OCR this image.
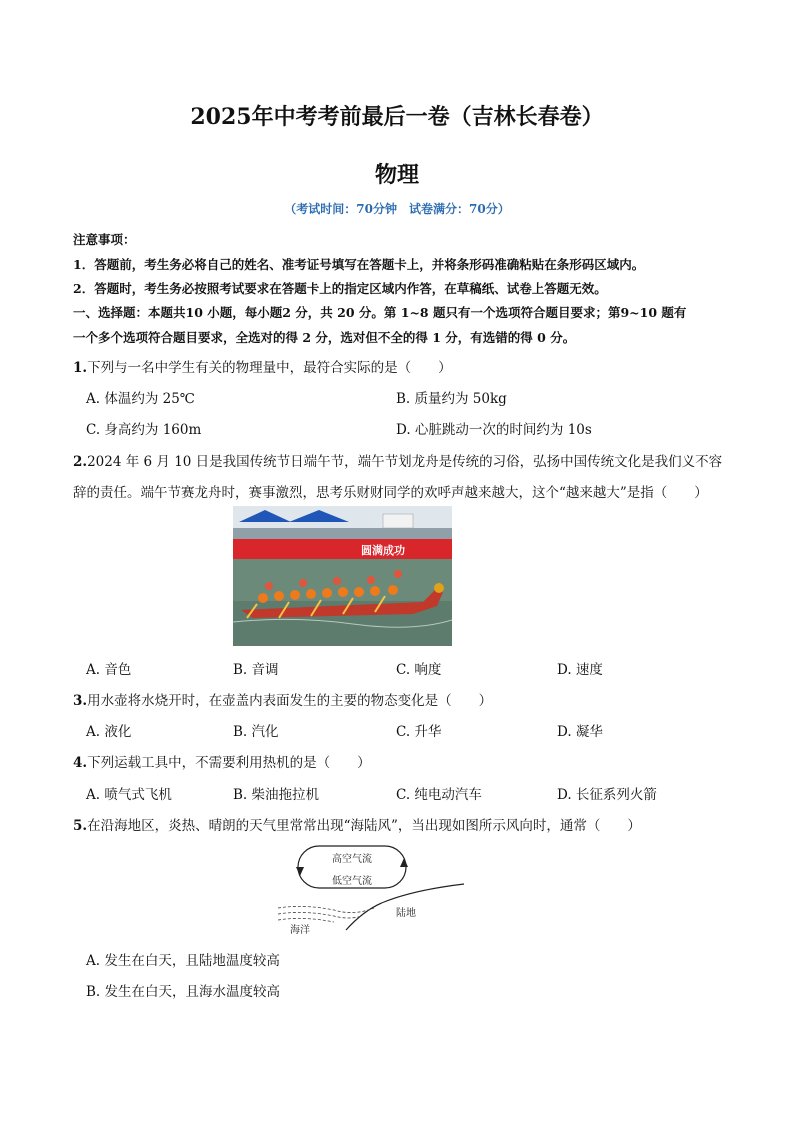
2025年中考考前最后一卷（吉林长春卷）
物理
（考试时间：70分钟　试卷满分：70分）
注意事项：
1．答题前，考生务必将自己的姓名、准考证号填写在答题卡上，并将条形码准确粘贴在条形码区域内。
2．答题时，考生务必按照考试要求在答题卡上的指定区域内作答，在草稿纸、试卷上答题无效。
一、选择题：本题共10 小题，每小题2 分，共 20 分。第 1~8 题只有一个选项符合题目要求；第9~10 题有
一个多个选项符合题目要求，全选对的得 2 分，选对但不全的得 1 分，有选错的得 0 分。
1.下列与一名中学生有关的物理量中，最符合实际的是（　　）
A. 体温约为 25℃	B. 质量约为 50kg
C. 身高约为 160m	D. 心脏跳动一次的时间约为 10s
2.2024 年 6 月 10 日是我国传统节日端午节，端午节划龙舟是传统的习俗，弘扬中国传统文化是我们义不容
辞的责任。端午节赛龙舟时，赛事激烈，思考乐财财同学的欢呼声越来越大，这个“越来越大”是指（　　）
圆满成功
A. 音色	B. 音调	C. 响度	D. 速度
3.用水壶将水烧开时，在壶盖内表面发生的主要的物态变化是（　　）
A. 液化	B. 汽化	C. 升华	D. 凝华
4.下列运载工具中，不需要利用热机的是（　　）
A. 喷气式飞机	B. 柴油拖拉机	C. 纯电动汽车	D. 长征系列火箭
5.在沿海地区，炎热、晴朗的天气里常常出现“海陆风”，当出现如图所示风向时，通常（　　）
高空气流
低空气流
陆地
海洋
A. 发生在白天，且陆地温度较高
B. 发生在白天，且海水温度较高
